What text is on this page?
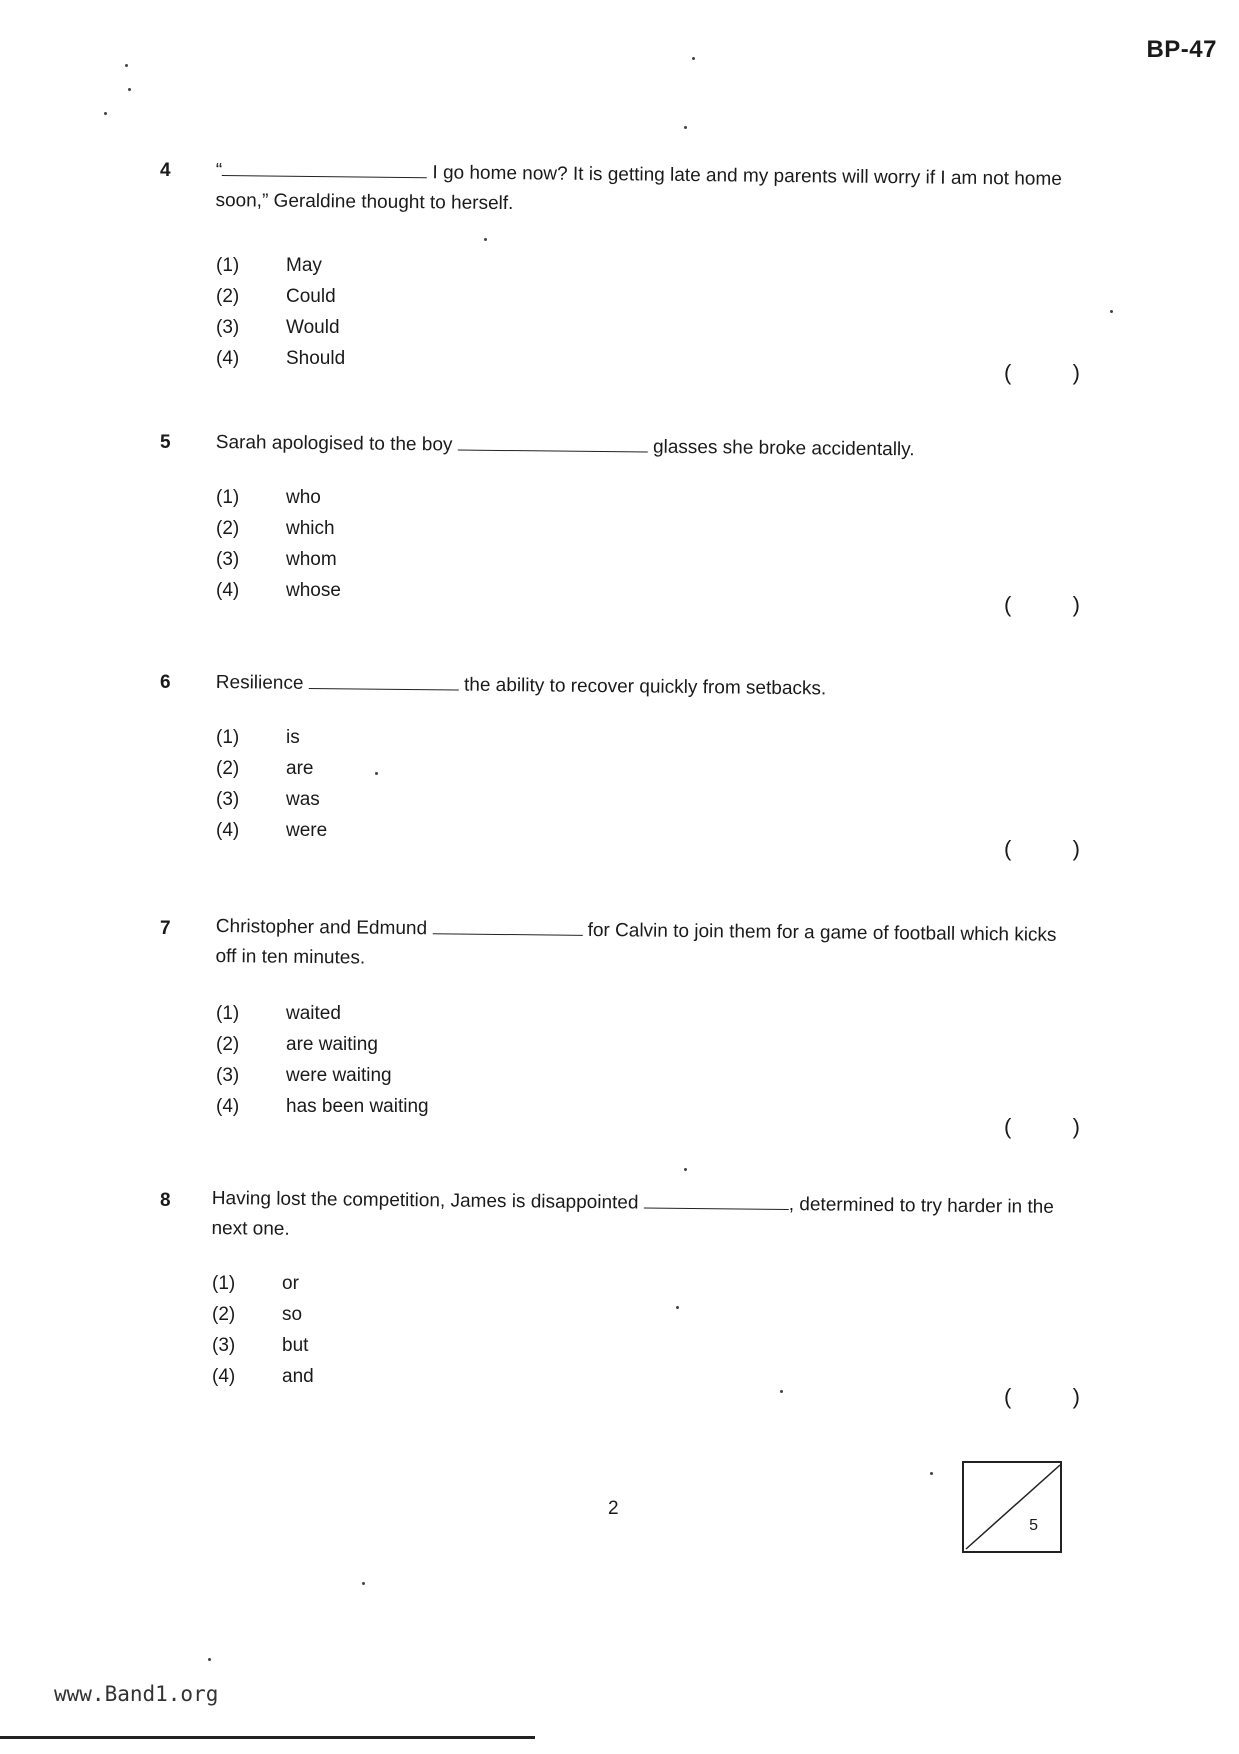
BP-47
4 “	I go home now? It is getting late and my parents will worry if I am not home soon,” Geraldine thought to herself.
(1)	May
(2)	Could
(3)	Would
(4)	Should
(	)
5 Sarah apologised to the boy	glasses she broke accidentally.
(1)	who
(2)	which
(3)	whom
(4)	whose
(	)
6 Resilience	the ability to recover quickly from setbacks.
(1)	is
(2)	are
(3)	was
(4)	were
(	)
7 Christopher and Edmund	for Calvin to join them for a game of football which kicks off in ten minutes.
(1)	waited
(2)	are waiting
(3)	were waiting
(4)	has been waiting
(	)
8 Having lost the competition, James is disappointed	, determined to try harder in the next one.
(1)	or
(2)	so
(3)	but
(4)	and
(	)
2
5
www.Band1.org
